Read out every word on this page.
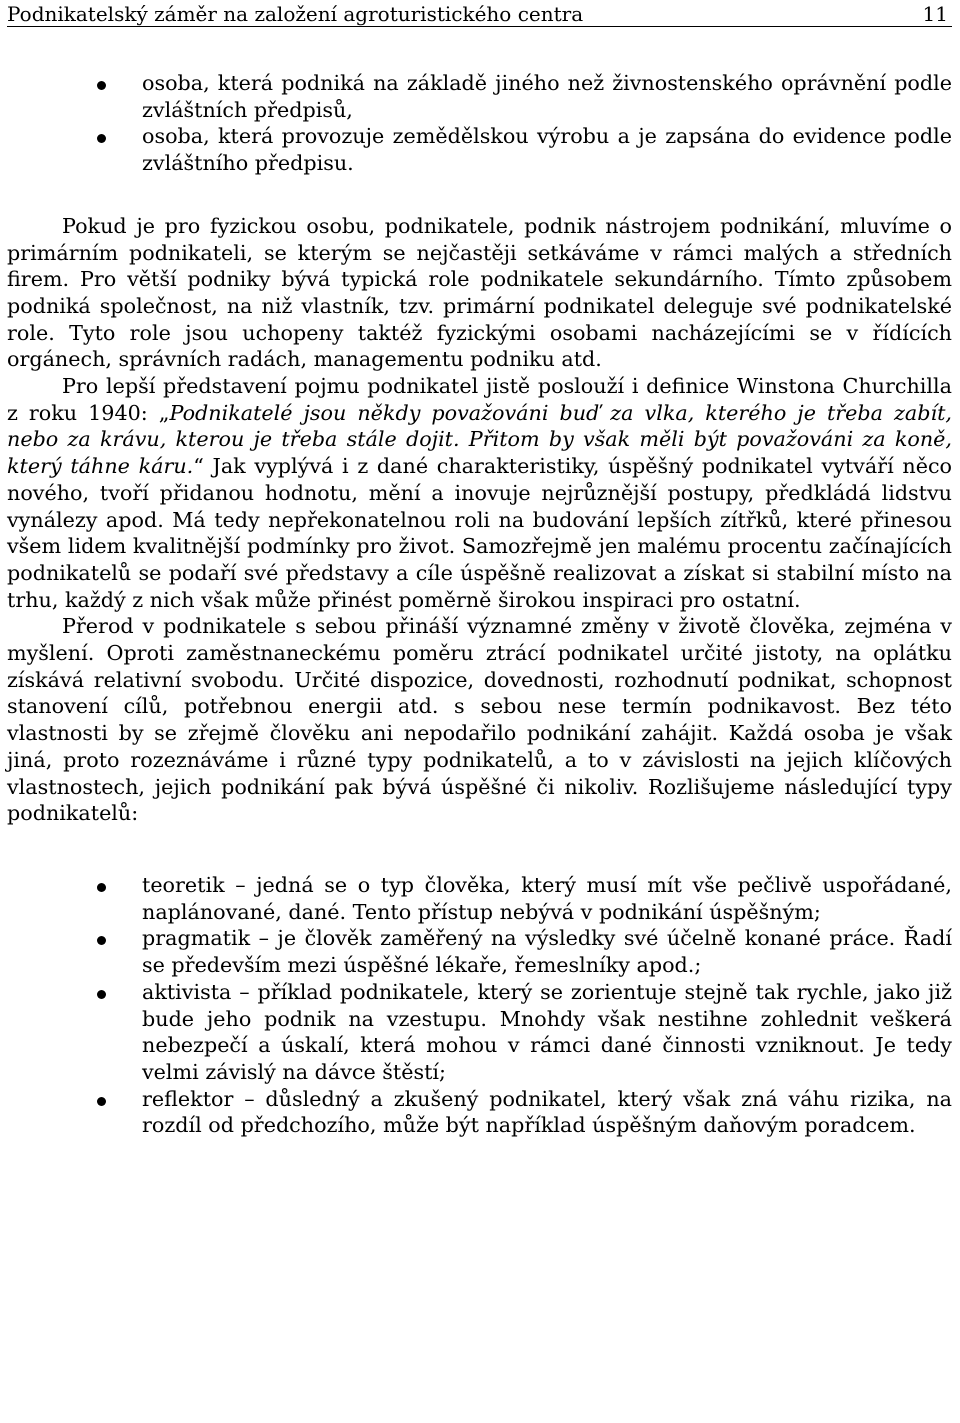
Podnikatelský záměr na založení agroturistického centra	11
osoba, která podniká na základě jiného než živnostenského oprávnění podle zvláštních předpisů,
osoba, která provozuje zemědělskou výrobu a je zapsána do evidence podle zvláštního předpisu.

Pokud je pro fyzickou osobu, podnikatele, podnik nástrojem podnikání, mluvíme o primárním podnikateli, se kterým se nejčastěji setkáváme v rámci malých a středních firem. Pro větší podniky bývá typická role podnikatele sekundárního. Tímto způsobem podniká společnost, na niž vlastník, tzv. primární podnikatel deleguje své podnikatelské role. Tyto role jsou uchopeny taktéž fyzickými osobami nacházejícími se v řídících orgánech, správních radách, managementu podniku atd.

Pro lepší představení pojmu podnikatel jistě poslouží i definice Winstona Churchilla z roku 1940: „Podnikatelé jsou někdy považováni buď za vlka, kterého je třeba zabít, nebo za krávu, kterou je třeba stále dojit. Přitom by však měli být považováni za koně, který táhne káru.“ Jak vyplývá i z dané charakteristiky, úspěšný podnikatel vytváří něco nového, tvoří přidanou hodnotu, mění a inovuje nejrůznější postupy, předkládá lidstvu vynálezy apod. Má tedy nepřekonatelnou roli na budování lepších zítřků, které přinesou všem lidem kvalitnější podmínky pro život. Samozřejmě jen malému procentu začínajících podnikatelů se podaří své představy a cíle úspěšně realizovat a získat si stabilní místo na trhu, každý z nich však může přinést poměrně širokou inspiraci pro ostatní.

Přerod v podnikatele s sebou přináší významné změny v životě člověka, zejména v myšlení. Oproti zaměstnaneckému poměru ztrácí podnikatel určité jistoty, na oplátku získává relativní svobodu. Určité dispozice, dovednosti, rozhodnutí podnikat, schopnost stanovení cílů, potřebnou energii atd. s sebou nese termín podnikavost. Bez této vlastnosti by se zřejmě člověku ani nepodařilo podnikání zahájit. Každá osoba je však jiná, proto rozeznáváme i různé typy podnikatelů, a to v závislosti na jejich klíčových vlastnostech, jejich podnikání pak bývá úspěšné či nikoliv. Rozlišujeme následující typy podnikatelů:

teoretik – jedná se o typ člověka, který musí mít vše pečlivě uspořádané, naplánované, dané. Tento přístup nebývá v podnikání úspěšným;
pragmatik – je člověk zaměřený na výsledky své účelně konané práce. Řadí se především mezi úspěšné lékaře, řemeslníky apod.;
aktivista – příklad podnikatele, který se zorientuje stejně tak rychle, jako již bude jeho podnik na vzestupu. Mnohdy však nestihne zohlednit veškerá nebezpečí a úskalí, která mohou v rámci dané činnosti vzniknout. Je tedy velmi závislý na dávce štěstí;
reflektor – důsledný a zkušený podnikatel, který však zná váhu rizika, na rozdíl od předchozího, může být například úspěšným daňovým poradcem.
